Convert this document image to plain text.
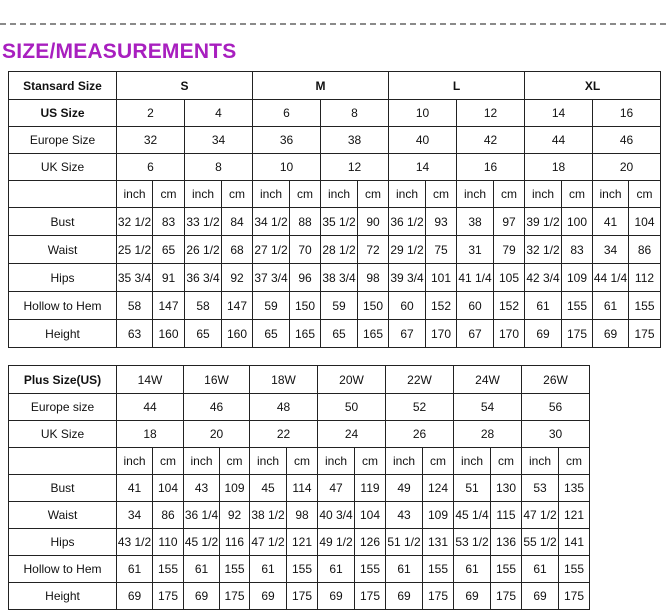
SIZE/MEASUREMENTS
Stansard Size	S				M				L				XL			
US Size	2		4		6		8		10		12		14		16	
Europe Size	32		34		36		38		40		42		44		46	
UK Size	6		8		10		12		14		16		18		20	
	inch	cm	inch	cm	inch	cm	inch	cm	inch	cm	inch	cm	inch	cm	inch	cm
Bust	32 1/2	83	33 1/2	84	34 1/2	88	35 1/2	90	36 1/2	93	38	97	39 1/2	100	41	104
Waist	25 1/2	65	26 1/2	68	27 1/2	70	28 1/2	72	29 1/2	75	31	79	32 1/2	83	34	86
Hips	35 3/4	91	36 3/4	92	37 3/4	96	38 3/4	98	39 3/4	101	41 1/4	105	42 3/4	109	44 1/4	112
Hollow to Hem	58	147	58	147	59	150	59	150	60	152	60	152	61	155	61	155
Height	63	160	65	160	65	165	65	165	67	170	67	170	69	175	69	175
Plus Size(US)	14W		16W		18W		20W		22W		24W		26W	
Europe size	44		46		48		50		52		54		56	
UK Size	18		20		22		24		26		28		30	
	inch	cm	inch	cm	inch	cm	inch	cm	inch	cm	inch	cm	inch	cm
Bust	41	104	43	109	45	114	47	119	49	124	51	130	53	135
Waist	34	86	36 1/4	92	38 1/2	98	40 3/4	104	43	109	45 1/4	115	47 1/2	121
Hips	43 1/2	110	45 1/2	116	47 1/2	121	49 1/2	126	51 1/2	131	53 1/2	136	55 1/2	141
Hollow to Hem	61	155	61	155	61	155	61	155	61	155	61	155	61	155
Height	69	175	69	175	69	175	69	175	69	175	69	175	69	175
